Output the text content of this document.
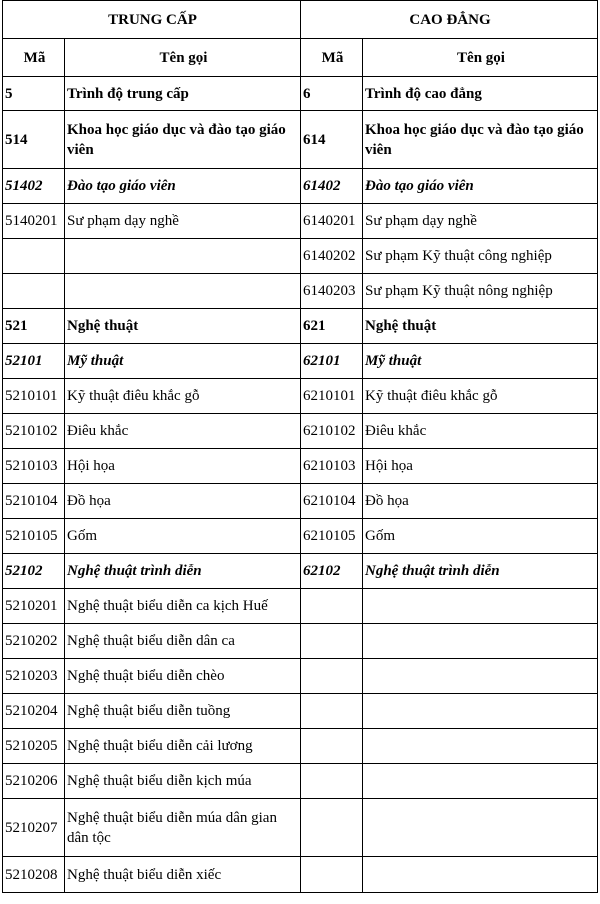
TRUNG CẤP		CAO ĐẲNG	
Mã	Tên gọi	Mã	Tên gọi
5	Trình độ trung cấp	6	Trình độ cao đẳng
514	Khoa học giáo dục và đào tạo giáo viên	614	Khoa học giáo dục và đào tạo giáo viên
51402	Đào tạo giáo viên	61402	Đào tạo giáo viên
5140201	Sư phạm dạy nghề	6140201	Sư phạm dạy nghề
		6140202	Sư phạm Kỹ thuật công nghiệp
		6140203	Sư phạm Kỹ thuật nông nghiệp
521	Nghệ thuật	621	Nghệ thuật
52101	Mỹ thuật	62101	Mỹ thuật
5210101	Kỹ thuật điêu khắc gỗ	6210101	Kỹ thuật điêu khắc gỗ
5210102	Điêu khắc	6210102	Điêu khắc
5210103	Hội họa	6210103	Hội họa
5210104	Đồ họa	6210104	Đồ họa
5210105	Gốm	6210105	Gốm
52102	Nghệ thuật trình diễn	62102	Nghệ thuật trình diễn
5210201	Nghệ thuật biểu diễn ca kịch Huế		
5210202	Nghệ thuật biểu diễn dân ca		
5210203	Nghệ thuật biểu diễn chèo		
5210204	Nghệ thuật biểu diễn tuồng		
5210205	Nghệ thuật biểu diễn cải lương		
5210206	Nghệ thuật biểu diễn kịch múa		
5210207	Nghệ thuật biểu diễn múa dân gian dân tộc		
5210208	Nghệ thuật biểu diễn xiếc		
